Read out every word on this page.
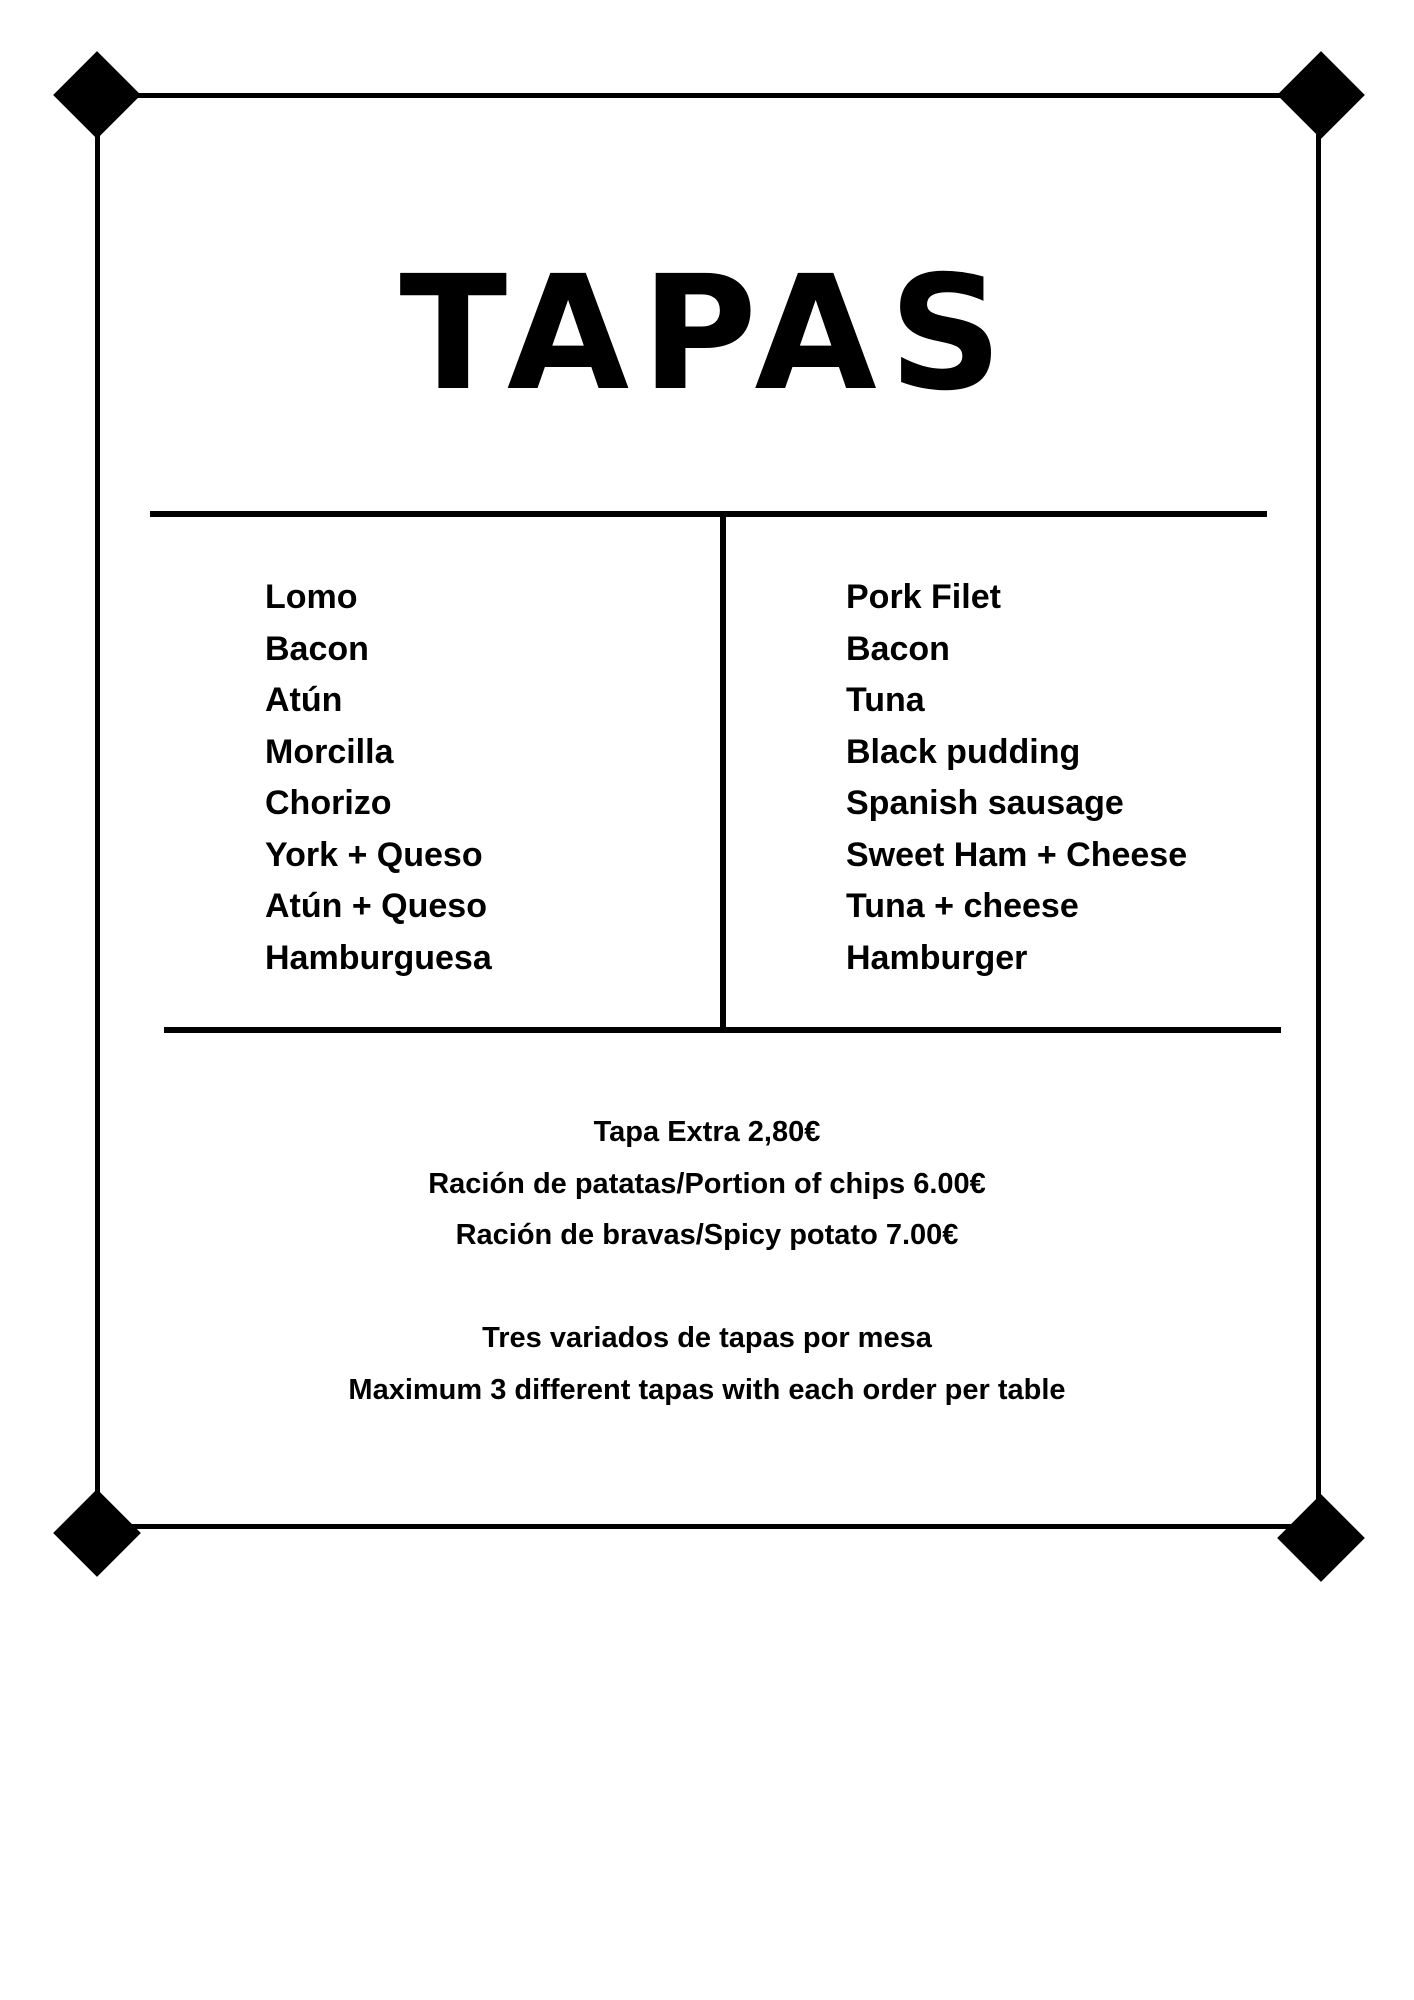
TAPAS
Lomo
Bacon
Atún
Morcilla
Chorizo
York + Queso
Atún + Queso
Hamburguesa
Pork Filet
Bacon
Tuna
Black pudding
Spanish sausage
Sweet Ham + Cheese
Tuna + cheese
Hamburger
Tapa Extra 2,80€
Ración de patatas/Portion of chips 6.00€
Ración de bravas/Spicy potato 7.00€
Tres variados de tapas por mesa
Maximum 3 different tapas with each order per table
